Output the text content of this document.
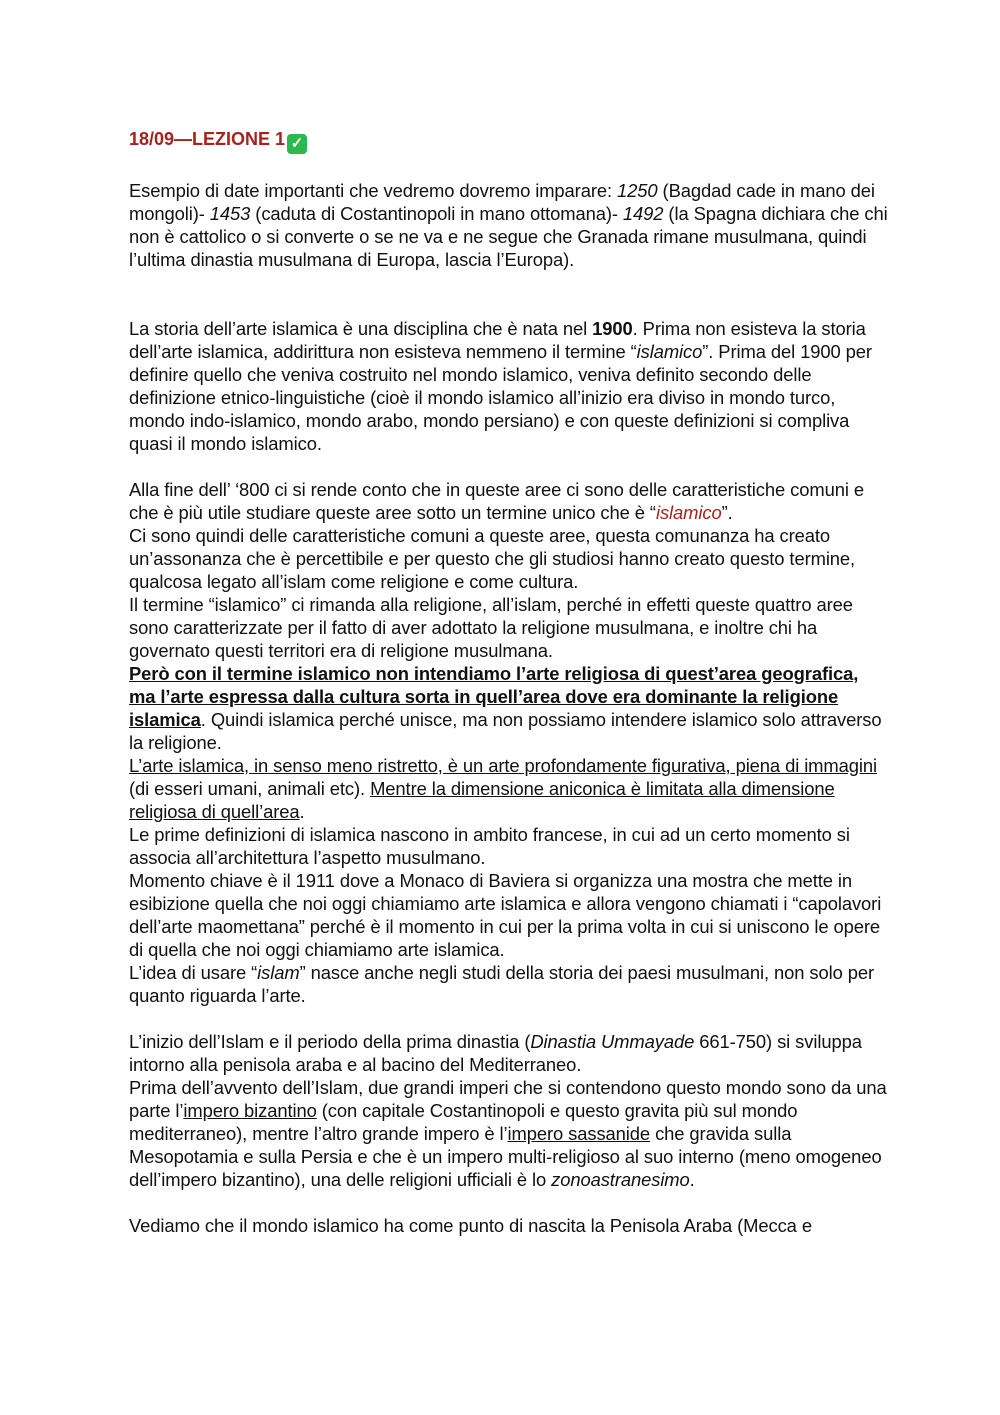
18/09—LEZIONE 1 ✓

Esempio di date importanti che vedremo dovremo imparare: 1250 (Bagdad cade in mano dei mongoli)- 1453 (caduta di Costantinopoli in mano ottomana)- 1492 (la Spagna dichiara che chi non è cattolico o si converte o se ne va e ne segue che Granada rimane musulmana, quindi l’ultima dinastia musulmana di Europa, lascia l’Europa).

La storia dell’arte islamica è una disciplina che è nata nel 1900. Prima non esisteva la storia dell’arte islamica, addirittura non esisteva nemmeno il termine “islamico”. Prima del 1900 per definire quello che veniva costruito nel mondo islamico, veniva definito secondo delle definizione etnico-linguistiche (cioè il mondo islamico all’inizio era diviso in mondo turco, mondo indo-islamico, mondo arabo, mondo persiano) e con queste definizioni si compliva quasi il mondo islamico.

Alla fine dell’ ‘800 ci si rende conto che in queste aree ci sono delle caratteristiche comuni e che è più utile studiare queste aree sotto un termine unico che è “islamico”.
Ci sono quindi delle caratteristiche comuni a queste aree, questa comunanza ha creato un’assonanza che è percettibile e per questo che gli studiosi hanno creato questo termine, qualcosa legato all’islam come religione e come cultura.
Il termine “islamico” ci rimanda alla religione, all’islam, perché in effetti queste quattro aree sono caratterizzate per il fatto di aver adottato la religione musulmana, e inoltre chi ha governato questi territori era di religione musulmana.
Però con il termine islamico non intendiamo l’arte religiosa di quest’area geografica, ma l’arte espressa dalla cultura sorta in quell’area dove era dominante la religione islamica. Quindi islamica perché unisce, ma non possiamo intendere islamico solo attraverso la religione.
L’arte islamica, in senso meno ristretto, è un arte profondamente figurativa, piena di immagini (di esseri umani, animali etc). Mentre la dimensione aniconica è limitata alla dimensione religiosa di quell’area.
Le prime definizioni di islamica nascono in ambito francese, in cui ad un certo momento si associa all’architettura l’aspetto musulmano.
Momento chiave è il 1911 dove a Monaco di Baviera si organizza una mostra che mette in esibizione quella che noi oggi chiamiamo arte islamica e allora vengono chiamati i “capolavori dell’arte maomettana” perché è il momento in cui per la prima volta in cui si uniscono le opere di quella che noi oggi chiamiamo arte islamica.
L’idea di usare “islam” nasce anche negli studi della storia dei paesi musulmani, non solo per quanto riguarda l’arte.

L’inizio dell’Islam e il periodo della prima dinastia (Dinastia Ummayade 661-750) si sviluppa intorno alla penisola araba e al bacino del Mediterraneo.
Prima dell’avvento dell’Islam, due grandi imperi che si contendono questo mondo sono da una parte l’impero bizantino (con capitale Costantinopoli e questo gravita più sul mondo mediterraneo), mentre l’altro grande impero è l’impero sassanide che gravida sulla Mesopotamia e sulla Persia e che è un impero multi-religioso al suo interno (meno omogeneo dell’impero bizantino), una delle religioni ufficiali è lo zonoastranesimo.

Vediamo che il mondo islamico ha come punto di nascita la Penisola Araba (Mecca e
